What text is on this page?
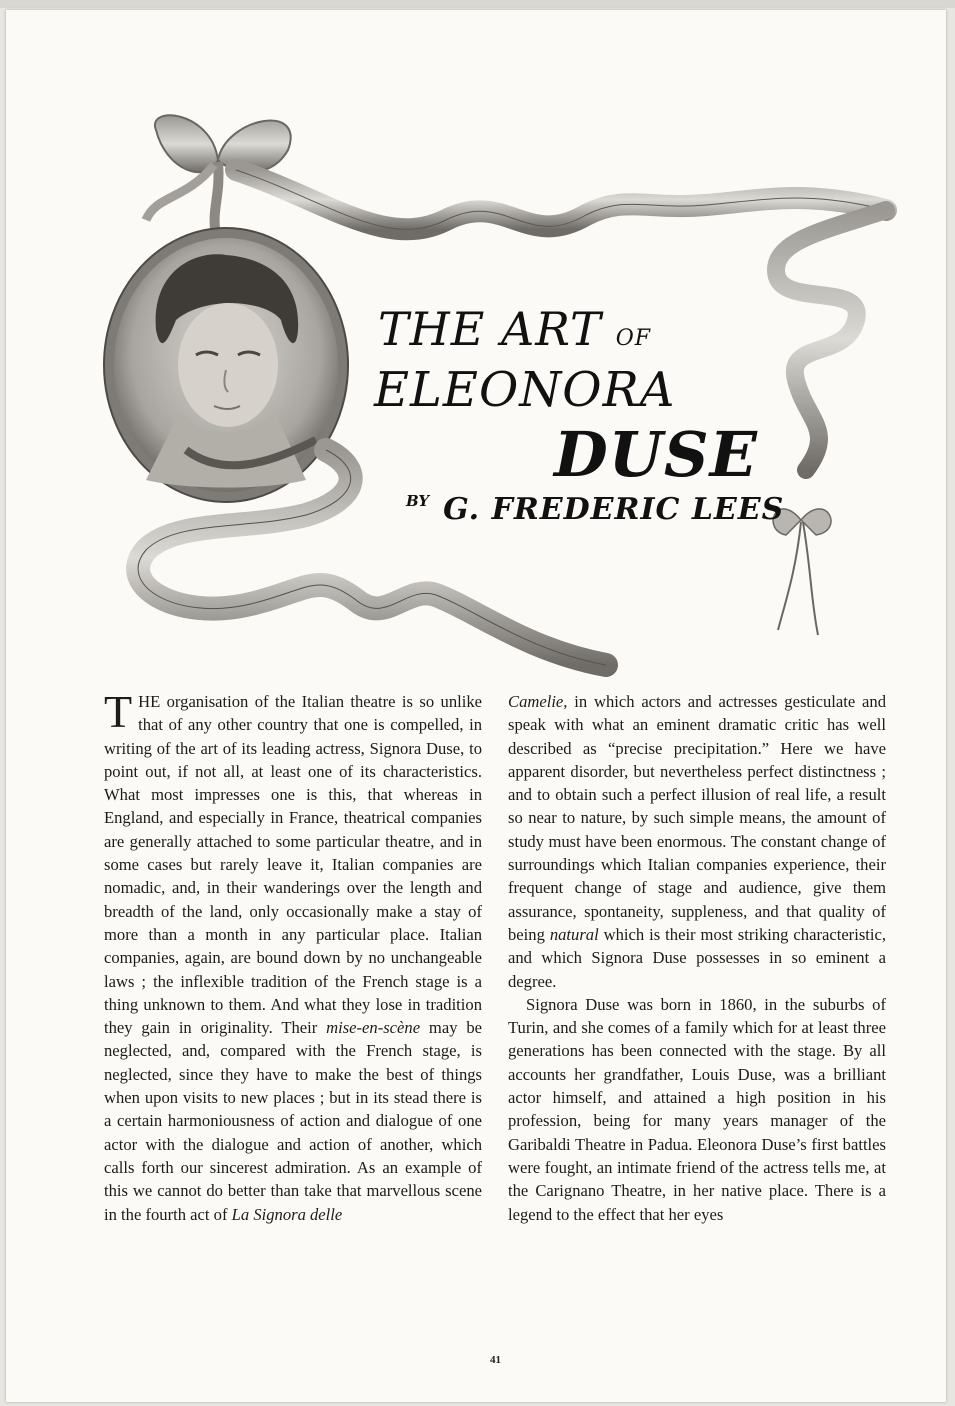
THE ART OF
ELEONORA
DUSE
BY G. FREDERIC LEES

THE organisation of the Italian theatre is so unlike that of any other country that one is compelled, in writing of the art of its leading actress, Signora Duse, to point out, if not all, at least one of its characteristics. What most impresses one is this, that whereas in England, and especially in France, theatrical companies are generally attached to some particular theatre, and in some cases but rarely leave it, Italian companies are nomadic, and, in their wanderings over the length and breadth of the land, only occasionally make a stay of more than a month in any particular place. Italian companies, again, are bound down by no unchangeable laws ; the inflexible tradition of the French stage is a thing unknown to them. And what they lose in tradition they gain in originality. Their mise-en-scène may be neglected, and, compared with the French stage, is neglected, since they have to make the best of things when upon visits to new places ; but in its stead there is a certain harmoniousness of action and dialogue of one actor with the dialogue and action of another, which calls forth our sincerest admiration. As an example of this we cannot do better than take that marvellous scene in the fourth act of La Signora delle

Camelie, in which actors and actresses gesticulate and speak with what an eminent dramatic critic has well described as “precise precipitation.” Here we have apparent disorder, but nevertheless perfect distinctness ; and to obtain such a perfect illusion of real life, a result so near to nature, by such simple means, the amount of study must have been enormous. The constant change of surroundings which Italian companies experience, their frequent change of stage and audience, give them assurance, spontaneity, suppleness, and that quality of being natural which is their most striking characteristic, and which Signora Duse possesses in so eminent a degree.

Signora Duse was born in 1860, in the suburbs of Turin, and she comes of a family which for at least three generations has been connected with the stage. By all accounts her grandfather, Louis Duse, was a brilliant actor himself, and attained a high position in his profession, being for many years manager of the Garibaldi Theatre in Padua. Eleonora Duse’s first battles were fought, an intimate friend of the actress tells me, at the Carignano Theatre, in her native place. There is a legend to the effect that her eyes

41
